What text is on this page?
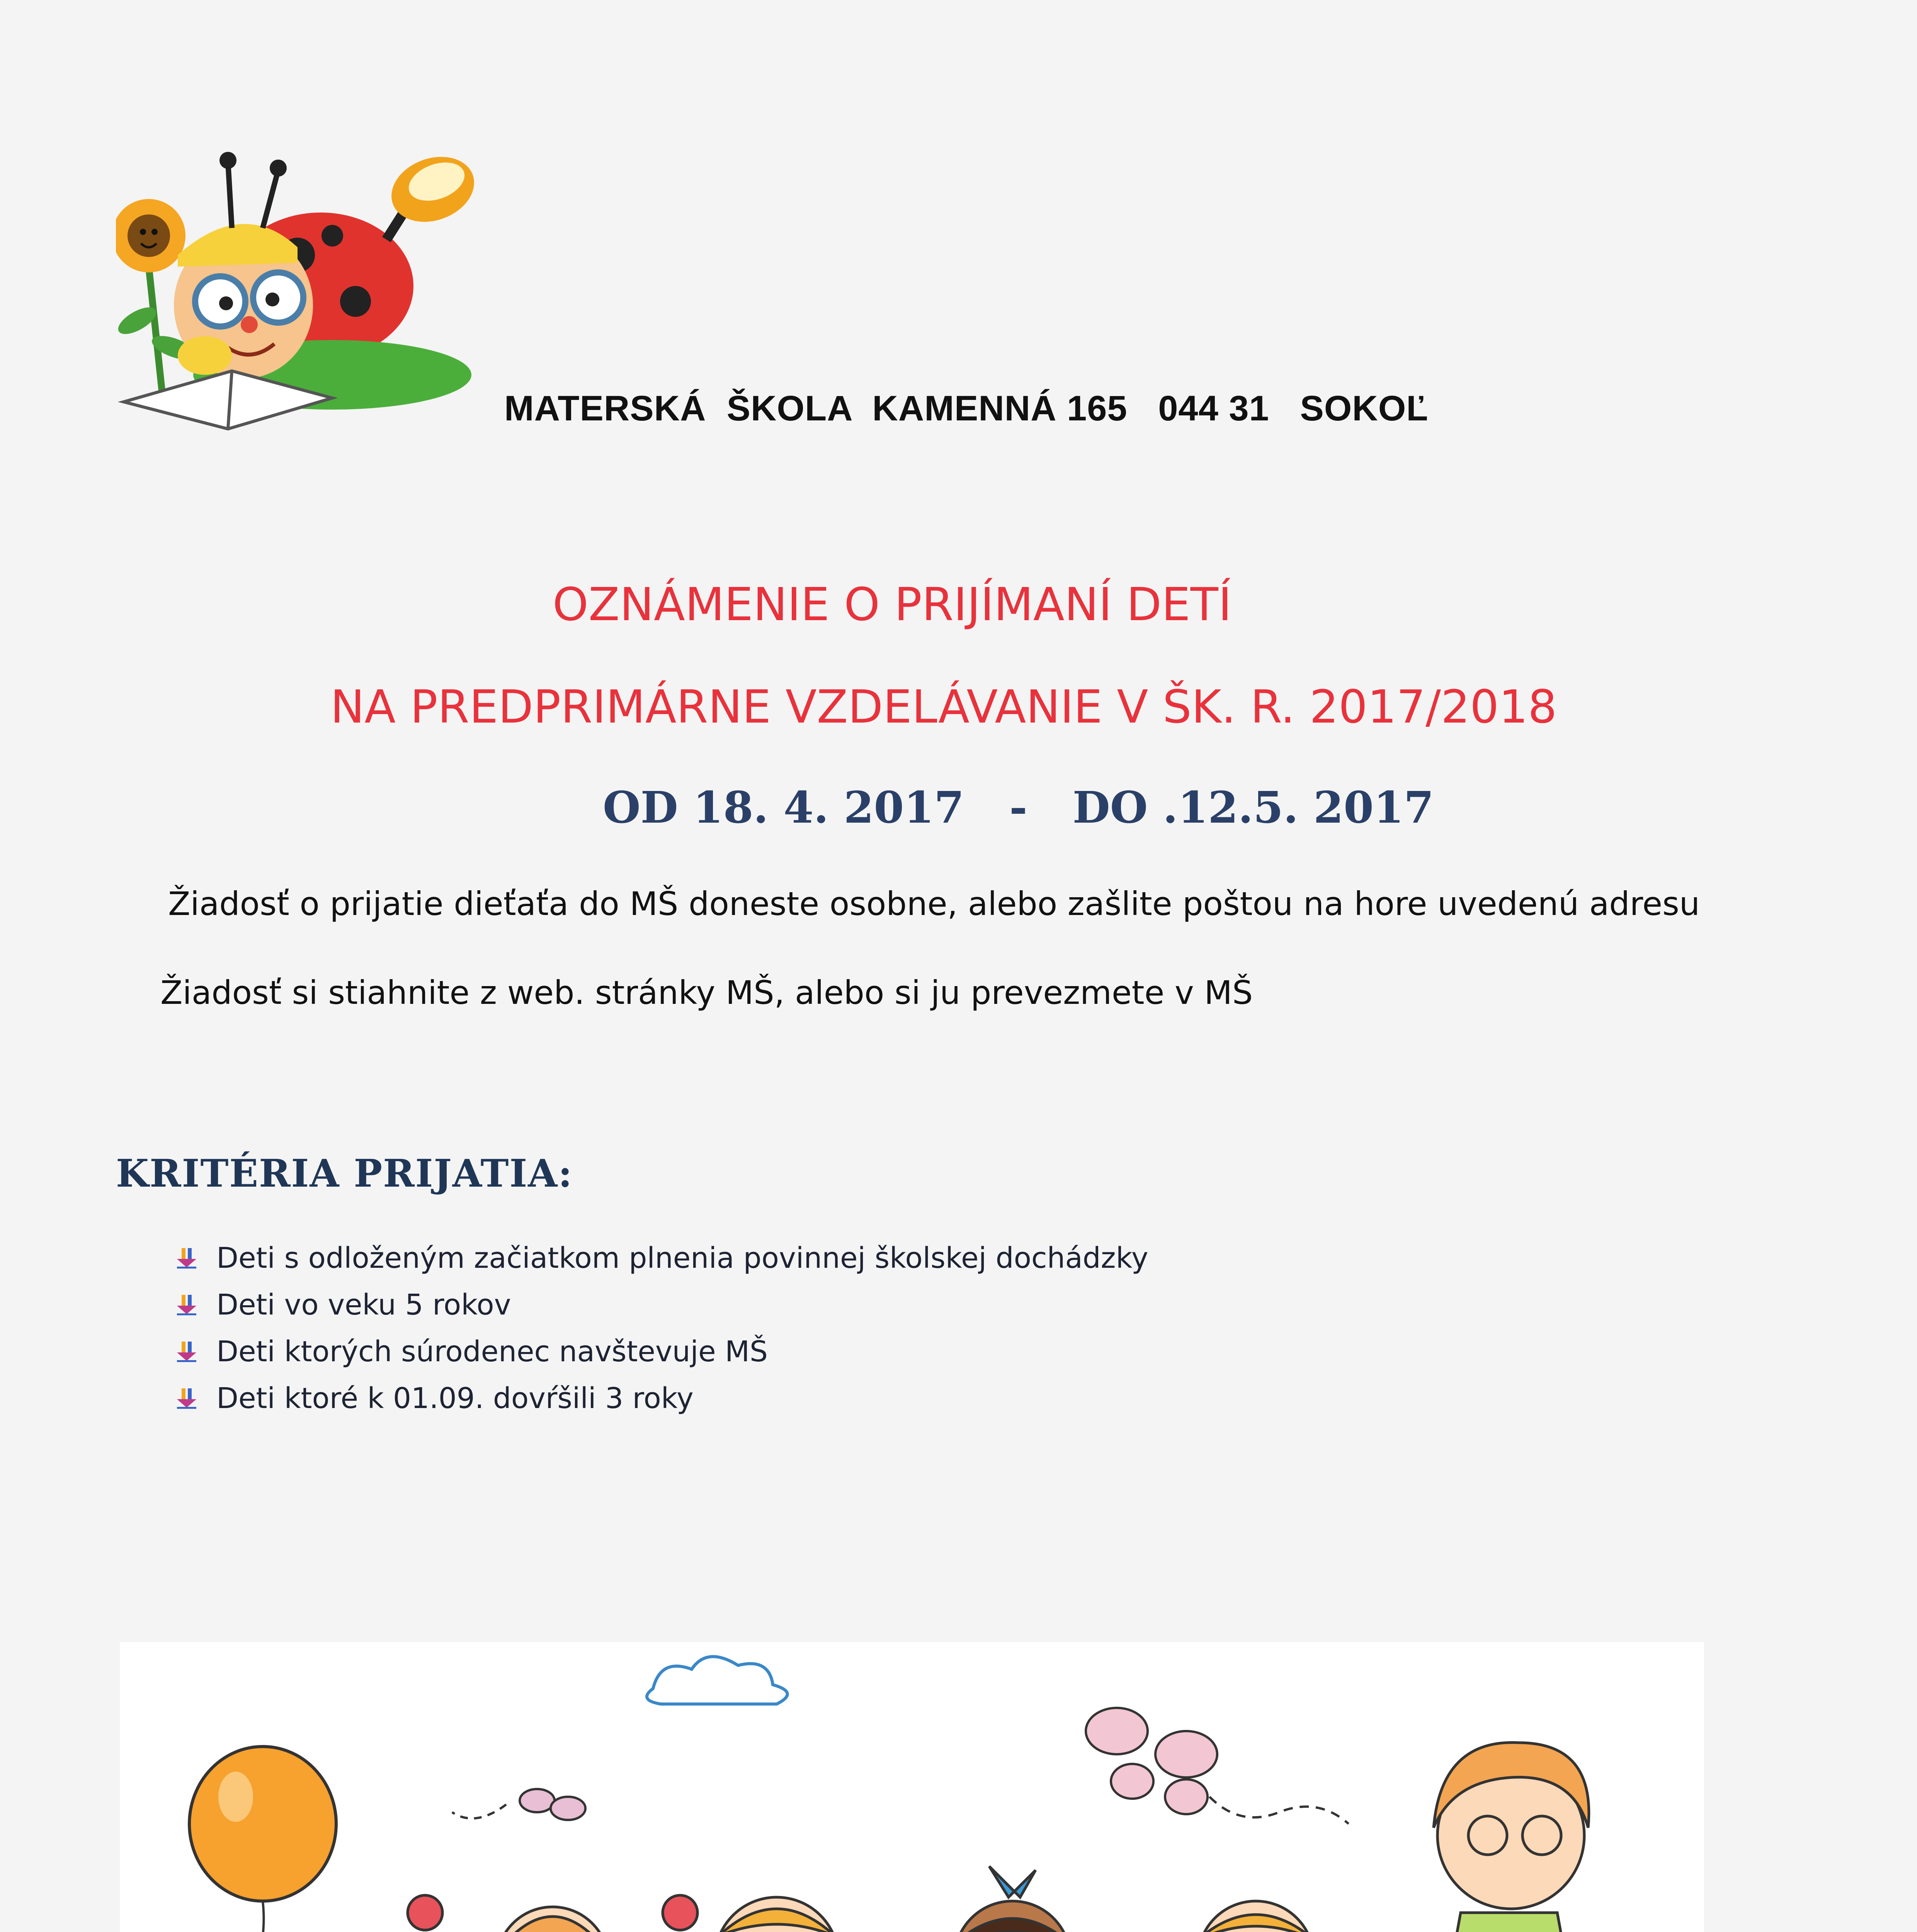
MATERSKÁ  ŠKOLA  KAMENNÁ 165   044 31   SOKOĽ
OZNÁMENIE O PRIJÍMANÍ DETÍ
NA PREDPRIMÁRNE VZDELÁVANIE V ŠK. R. 2017/2018
OD 18. 4. 2017   -   DO .12.5. 2017
Žiadosť o prijatie dieťaťa do MŠ doneste osobne, alebo zašlite poštou na hore uvedenú adresu
Žiadosť si stiahnite z web. stránky MŠ, alebo si ju prevezmete v MŠ
KRITÉRIA PRIJATIA:
Deti s odloženým začiatkom plnenia povinnej školskej dochádzky
Deti vo veku 5 rokov
Deti ktorých súrodenec navštevuje MŠ
Deti ktoré k 01.09. dovŕšili 3 roky
